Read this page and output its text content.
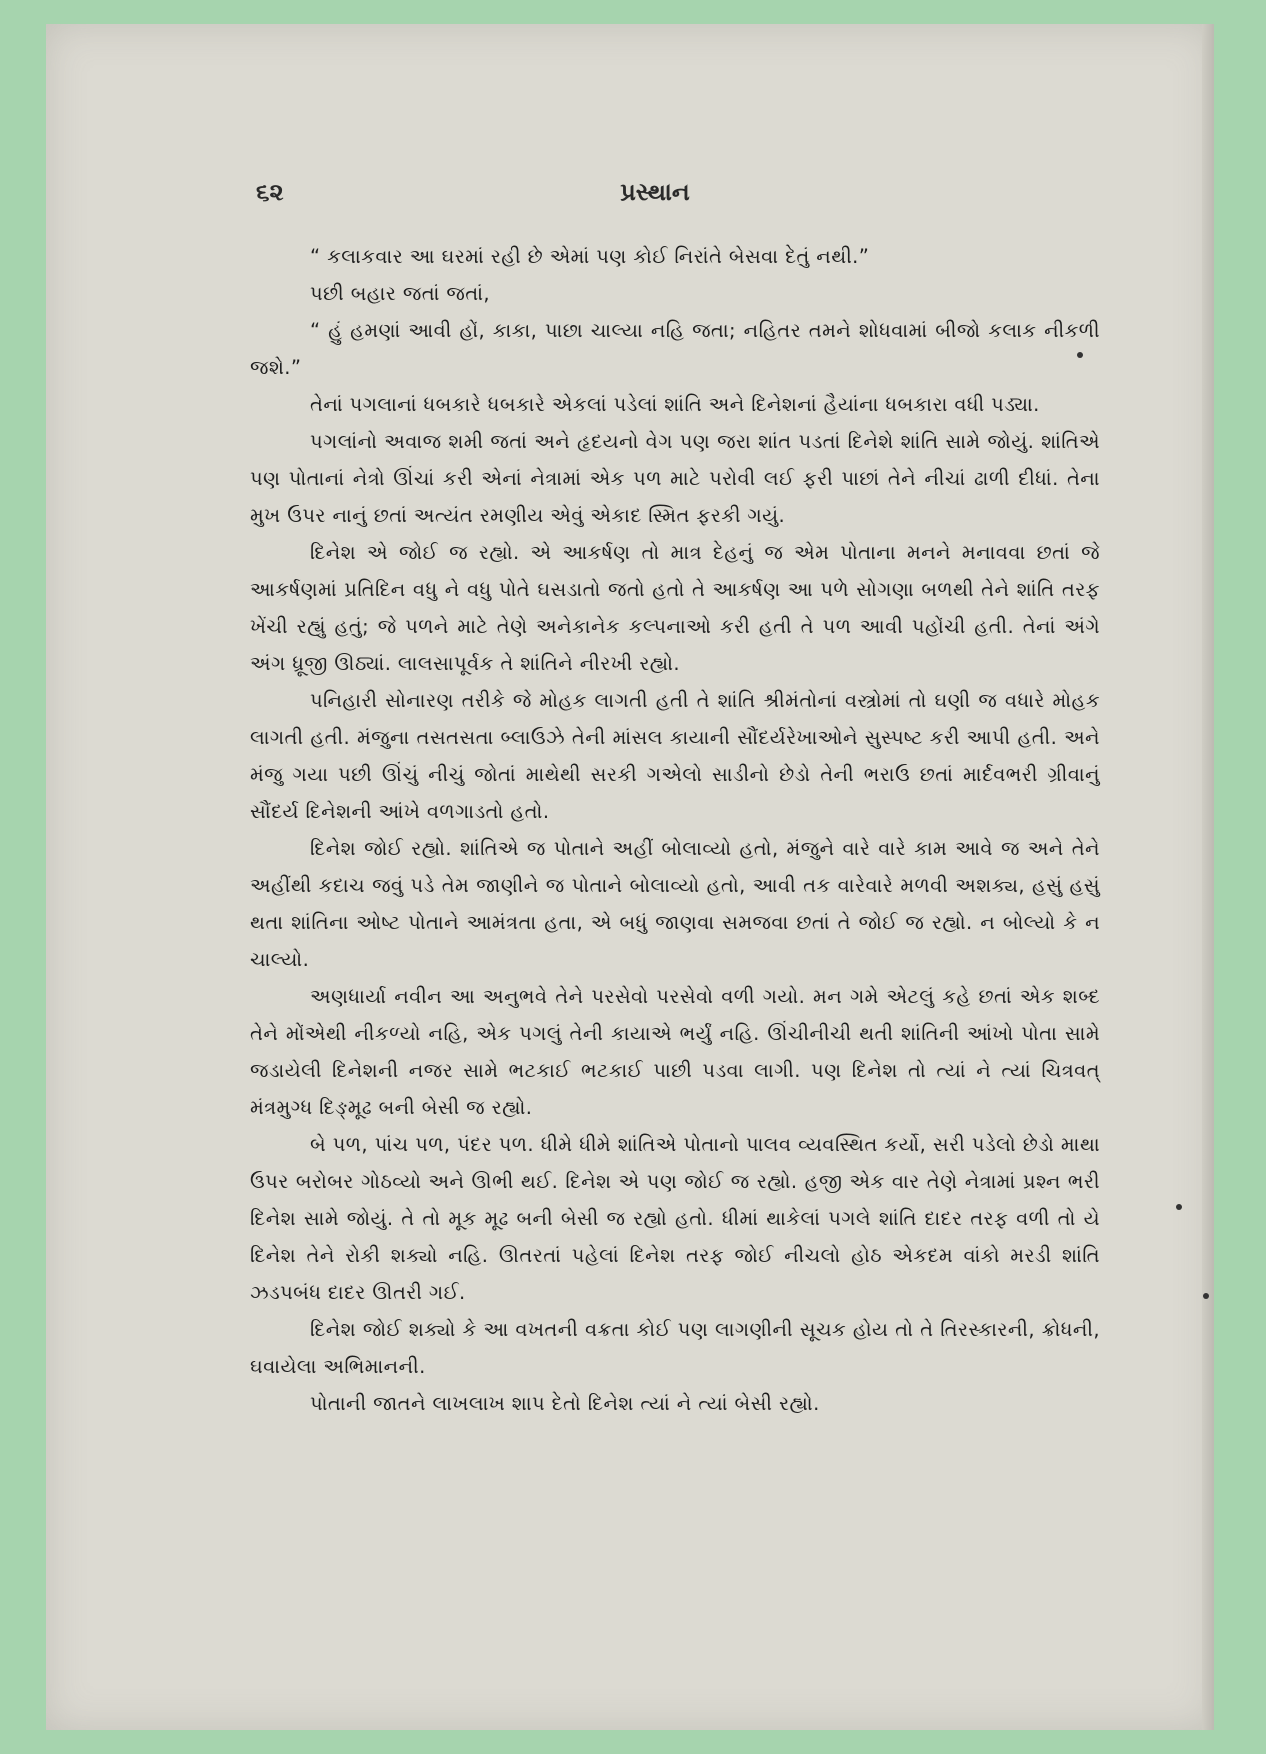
૬૨	પ્રસ્થાન

“ કલાકવાર આ ઘરમાં રહી છે એમાં પણ કોઈ નિરાંતે બેસવા દેતું નથી.”

પછી બહાર જતાં જતાં,

“ હું હમણાં આવી હોં, કાકા, પાછા ચાલ્યા નહિ જતા; નહિતર તમને શોધવામાં બીજો કલાક નીકળી જશે.”

તેનાં પગલાનાં ધબકારે ધબકારે એકલાં પડેલાં શાંતિ અને દિનેશનાં હૈયાંના ધબકારા વધી પડ્યા.

પગલાંનો અવાજ શમી જતાં અને હૃદયનો વેગ પણ જરા શાંત પડતાં દિનેશે શાંતિ સામે જોયું. શાંતિએ પણ પોતાનાં નેત્રો ઊંચાં કરી એનાં નેત્રામાં એક પળ માટે પરોવી લઈ ફરી પાછાં તેને નીચાં ઢાળી દીધાં. તેના મુખ ઉપર નાનું છતાં અત્યંત રમણીય એવું એકાદ સ્મિત ફરકી ગયું.

દિનેશ એ જોઈ જ રહ્યો. એ આકર્ષણ તો માત્ર દેહનું જ એમ પોતાના મનને મનાવવા છતાં જે આકર્ષણમાં પ્રતિદિન વધુ ને વધુ પોતે ઘસડાતો જતો હતો તે આકર્ષણ આ પળે સોગણા બળથી તેને શાંતિ તરફ ખેંચી રહ્યું હતું; જે પળને માટે તેણે અનેકાનેક કલ્પનાઓ કરી હતી તે પળ આવી પહોંચી હતી. તેનાં અંગે અંગ ધ્રૂજી ઊઠ્યાં. લાલસાપૂર્વક તે શાંતિને નીરખી રહ્યો.

પનિહારી સોનારણ તરીકે જે મોહક લાગતી હતી તે શાંતિ શ્રીમંતોનાં વસ્ત્રોમાં તો ઘણી જ વધારે મોહક લાગતી હતી. મંજુના તસતસતા બ્લાઉઝે તેની માંસલ કાયાની સૌંદર્યરેખાઓને સુસ્પષ્ટ કરી આપી હતી. અને મંજુ ગયા પછી ઊંચું નીચું જોતાં માથેથી સરકી ગએલો સાડીનો છેડો તેની ભરાઉ છતાં માર્દવભરી ગ્રીવાનું સૌંદર્ય દિનેશની આંખે વળગાડતો હતો.

દિનેશ જોઈ રહ્યો. શાંતિએ જ પોતાને અહીં બોલાવ્યો હતો, મંજુને વારે વારે કામ આવે જ અને તેને અહીંથી કદાચ જવું પડે તેમ જાણીને જ પોતાને બોલાવ્યો હતો, આવી તક વારેવારે મળવી અશક્ય, હસું હસું થતા શાંતિના ઓષ્ટ પોતાને આમંત્રતા હતા, એ બધું જાણવા સમજવા છતાં તે જોઈ જ રહ્યો. ન બોલ્યો કે ન ચાલ્યો.

અણધાર્યા નવીન આ અનુભવે તેને પરસેવો પરસેવો વળી ગયો. મન ગમે એટલું કહે છતાં એક શબ્દ તેને મોંએથી નીકળ્યો નહિ, એક પગલું તેની કાયાએ ભર્યું નહિ. ઊંચીનીચી થતી શાંતિની આંખો પોતા સામે જડાયેલી દિનેશની નજર સામે ભટકાઈ ભટકાઈ પાછી પડવા લાગી. પણ દિનેશ તો ત્યાં ને ત્યાં ચિત્રવત્ મંત્રમુગ્ધ દિઙ્‌મૂઢ બની બેસી જ રહ્યો.

બે પળ, પાંચ પળ, પંદર પળ. ધીમે ધીમે શાંતિએ પોતાનો પાલવ વ્યવસ્થિત કર્યો, સરી પડેલો છેડો માથા ઉપર બરોબર ગોઠવ્યો અને ઊભી થઈ. દિનેશ એ પણ જોઈ જ રહ્યો. હજી એક વાર તેણે નેત્રામાં પ્રશ્ન ભરી દિનેશ સામે જોયું. તે તો મૂક મૂઢ બની બેસી જ રહ્યો હતો. ધીમાં થાકેલાં પગલે શાંતિ દાદર તરફ વળી તો યે દિનેશ તેને રોકી શક્યો નહિ. ઊતરતાં પહેલાં દિનેશ તરફ જોઈ નીચલો હોઠ એકદમ વાંકો મરડી શાંતિ ઝડપબંધ દાદર ઊતરી ગઈ.

દિનેશ જોઈ શક્યો કે આ વખતની વક્રતા કોઈ પણ લાગણીની સૂચક હોય તો તે તિરસ્કારની, ક્રોધની, ઘવાયેલા અભિમાનની.

પોતાની જાતને લાખલાખ શાપ દેતો દિનેશ ત્યાં ને ત્યાં બેસી રહ્યો.
